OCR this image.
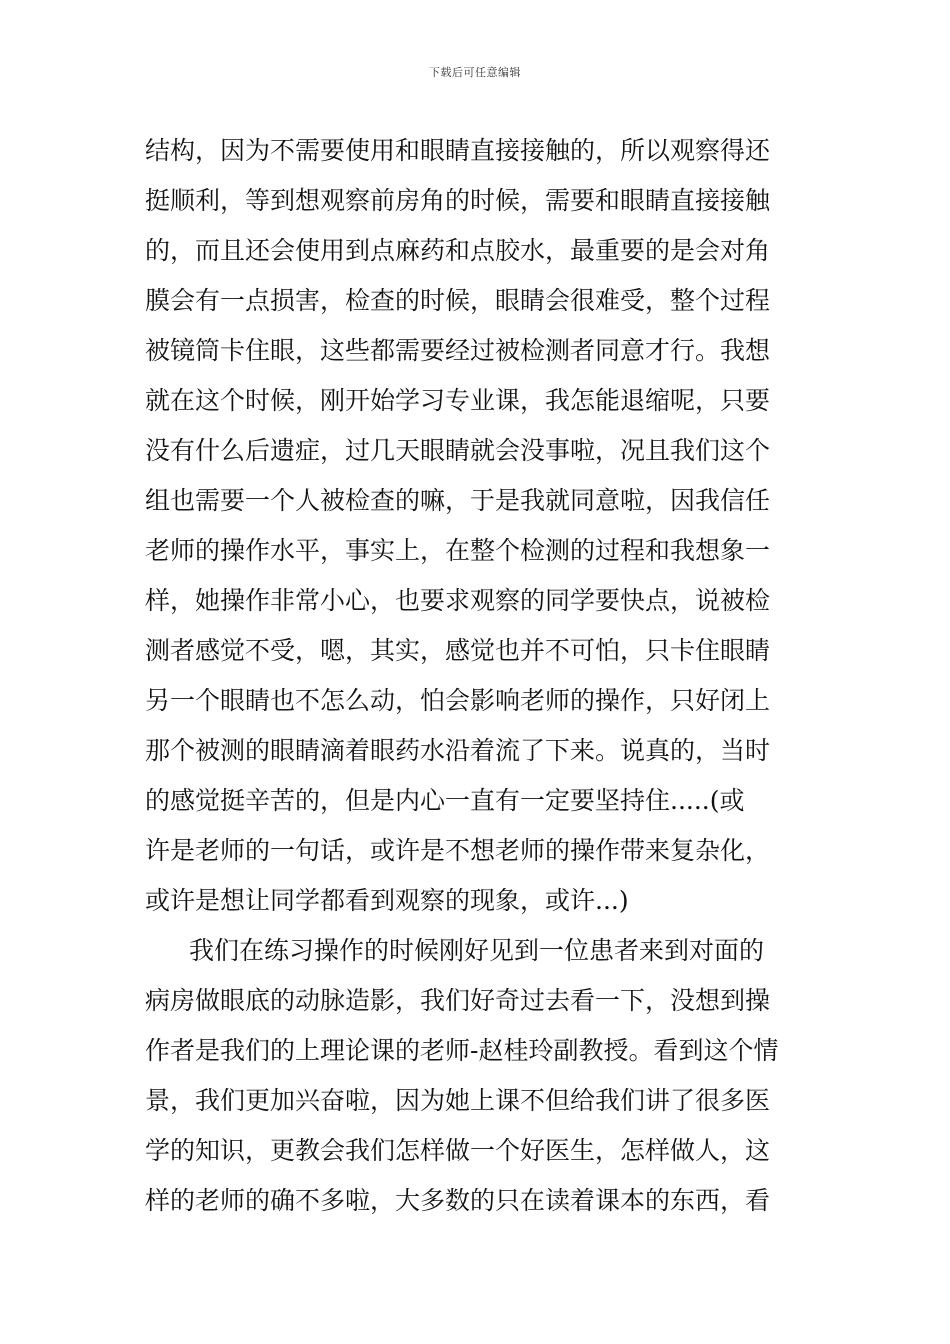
下载后可任意编辑
结构，因为不需要使用和眼睛直接接触的，所以观察得还
挺顺利，等到想观察前房角的时候，需要和眼睛直接接触
的，而且还会使用到点麻药和点胶水，最重要的是会对角
膜会有一点损害，检查的时候，眼睛会很难受，整个过程
被镜筒卡住眼，这些都需要经过被检测者同意才行。我想
就在这个时候，刚开始学习专业课，我怎能退缩呢，只要
没有什么后遗症，过几天眼睛就会没事啦，况且我们这个
组也需要一个人被检查的嘛，于是我就同意啦，因我信任
老师的操作水平，事实上，在整个检测的过程和我想象一
样，她操作非常小心，也要求观察的同学要快点，说被检
测者感觉不受，嗯，其实，感觉也并不可怕，只卡住眼睛
另一个眼睛也不怎么动，怕会影响老师的操作，只好闭上
那个被测的眼睛滴着眼药水沿着流了下来。说真的，当时
的感觉挺辛苦的，但是内心一直有一定要坚持住.....(或
许是老师的一句话，或许是不想老师的操作带来复杂化，
或许是想让同学都看到观察的现象，或许...)
我们在练习操作的时候刚好见到一位患者来到对面的
病房做眼底的动脉造影，我们好奇过去看一下，没想到操
作者是我们的上理论课的老师-赵桂玲副教授。看到这个情
景，我们更加兴奋啦，因为她上课不但给我们讲了很多医
学的知识，更教会我们怎样做一个好医生，怎样做人，这
样的老师的确不多啦，大多数的只在读着课本的东西，看
